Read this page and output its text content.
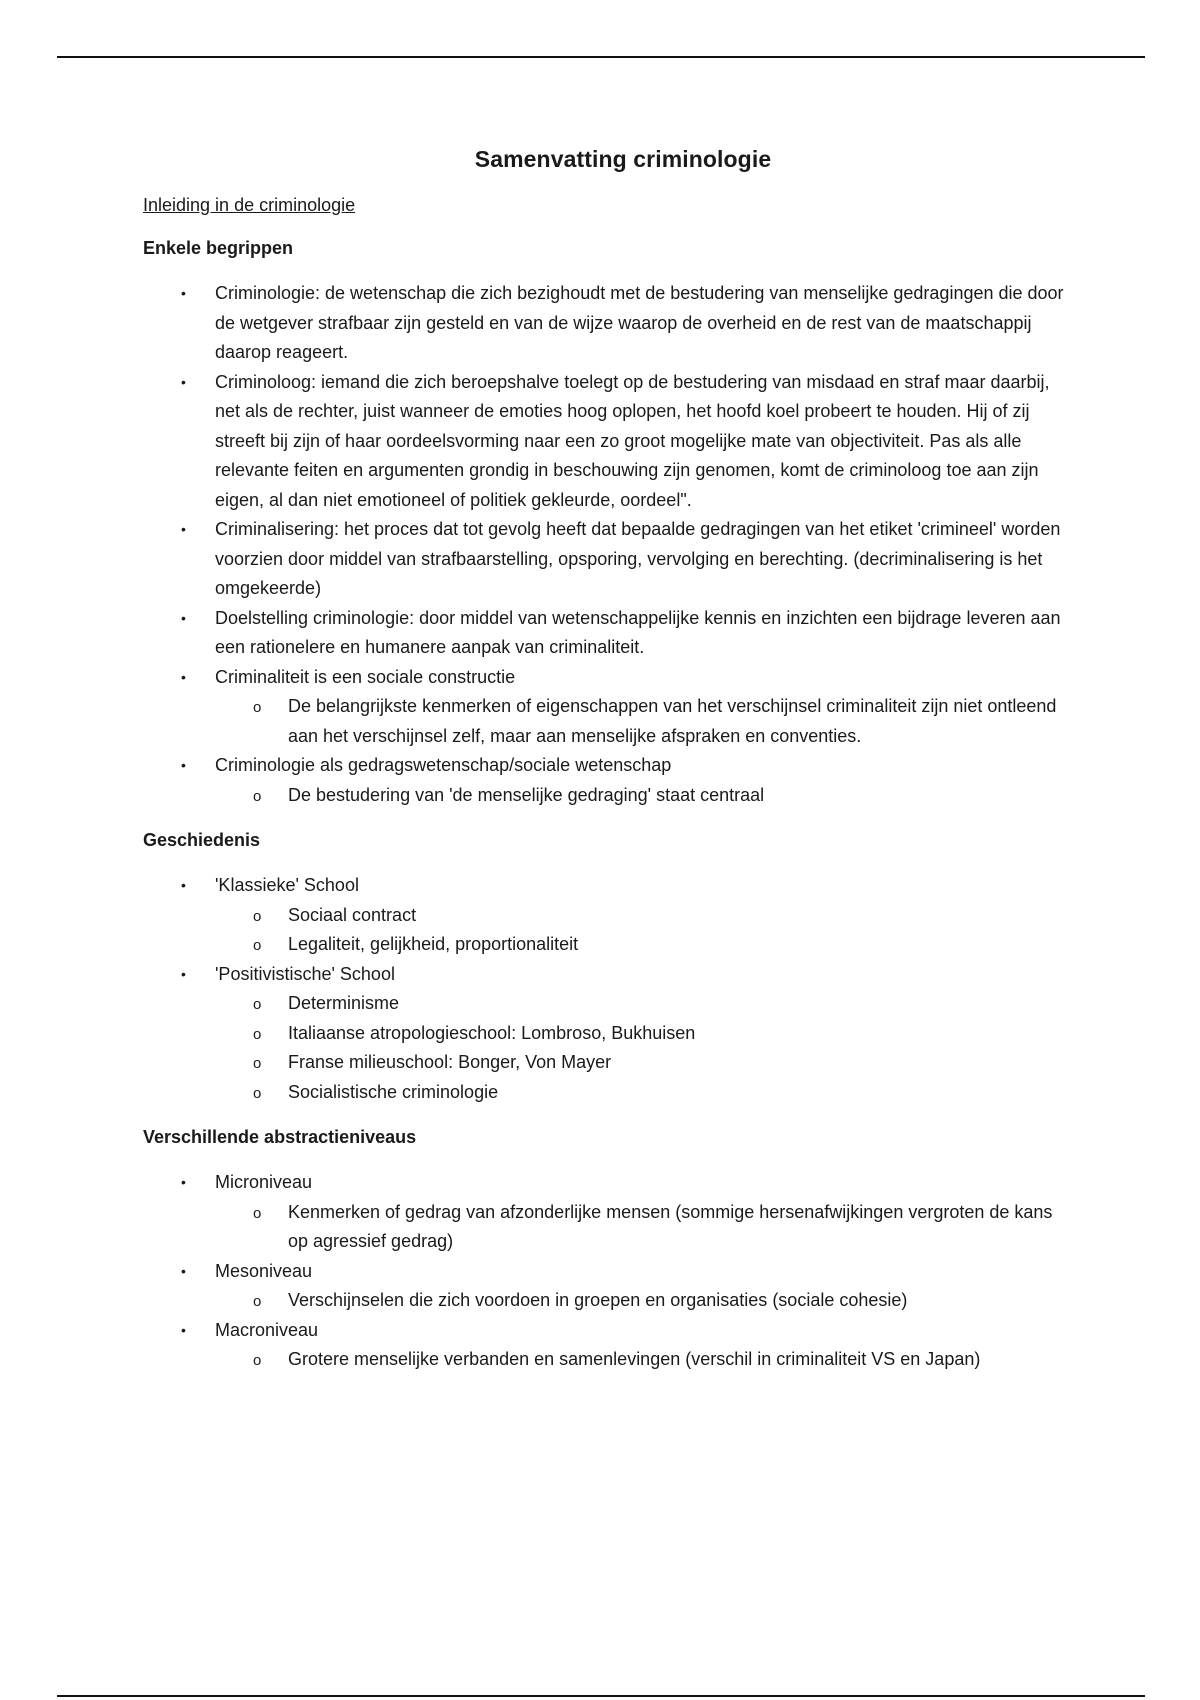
Samenvatting criminologie
Inleiding in de criminologie
Enkele begrippen
• Criminologie: de wetenschap die zich bezighoudt met de bestudering van menselijke gedragingen die door de wetgever strafbaar zijn gesteld en van de wijze waarop de overheid en de rest van de maatschappij daarop reageert.
• Criminoloog: iemand die zich beroepshalve toelegt op de bestudering van misdaad en straf maar daarbij, net als de rechter, juist wanneer de emoties hoog oplopen, het hoofd koel probeert te houden. Hij of zij streeft bij zijn of haar oordeelsvorming naar een zo groot mogelijke mate van objectiviteit. Pas als alle relevante feiten en argumenten grondig in beschouwing zijn genomen, komt de criminoloog toe aan zijn eigen, al dan niet emotioneel of politiek gekleurde, oordeel".
• Criminalisering: het proces dat tot gevolg heeft dat bepaalde gedragingen van het etiket 'crimineel' worden voorzien door middel van strafbaarstelling, opsporing, vervolging en berechting. (decriminalisering is het omgekeerde)
• Doelstelling criminologie: door middel van wetenschappelijke kennis en inzichten een bijdrage leveren aan een rationelere en humanere aanpak van criminaliteit.
• Criminaliteit is een sociale constructie
o De belangrijkste kenmerken of eigenschappen van het verschijnsel criminaliteit zijn niet ontleend aan het verschijnsel zelf, maar aan menselijke afspraken en conventies.
• Criminologie als gedragswetenschap/sociale wetenschap
o De bestudering van 'de menselijke gedraging' staat centraal
Geschiedenis
• 'Klassieke' School
o Sociaal contract
o Legaliteit, gelijkheid, proportionaliteit
• 'Positivistische' School
o Determinisme
o Italiaanse atropologieschool: Lombroso, Bukhuisen
o Franse milieuschool: Bonger, Von Mayer
o Socialistische criminologie
Verschillende abstractieniveaus
• Microniveau
o Kenmerken of gedrag van afzonderlijke mensen (sommige hersenafwijkingen vergroten de kans op agressief gedrag)
• Mesoniveau
o Verschijnselen die zich voordoen in groepen en organisaties (sociale cohesie)
• Macroniveau
o Grotere menselijke verbanden en samenlevingen (verschil in criminaliteit VS en Japan)
